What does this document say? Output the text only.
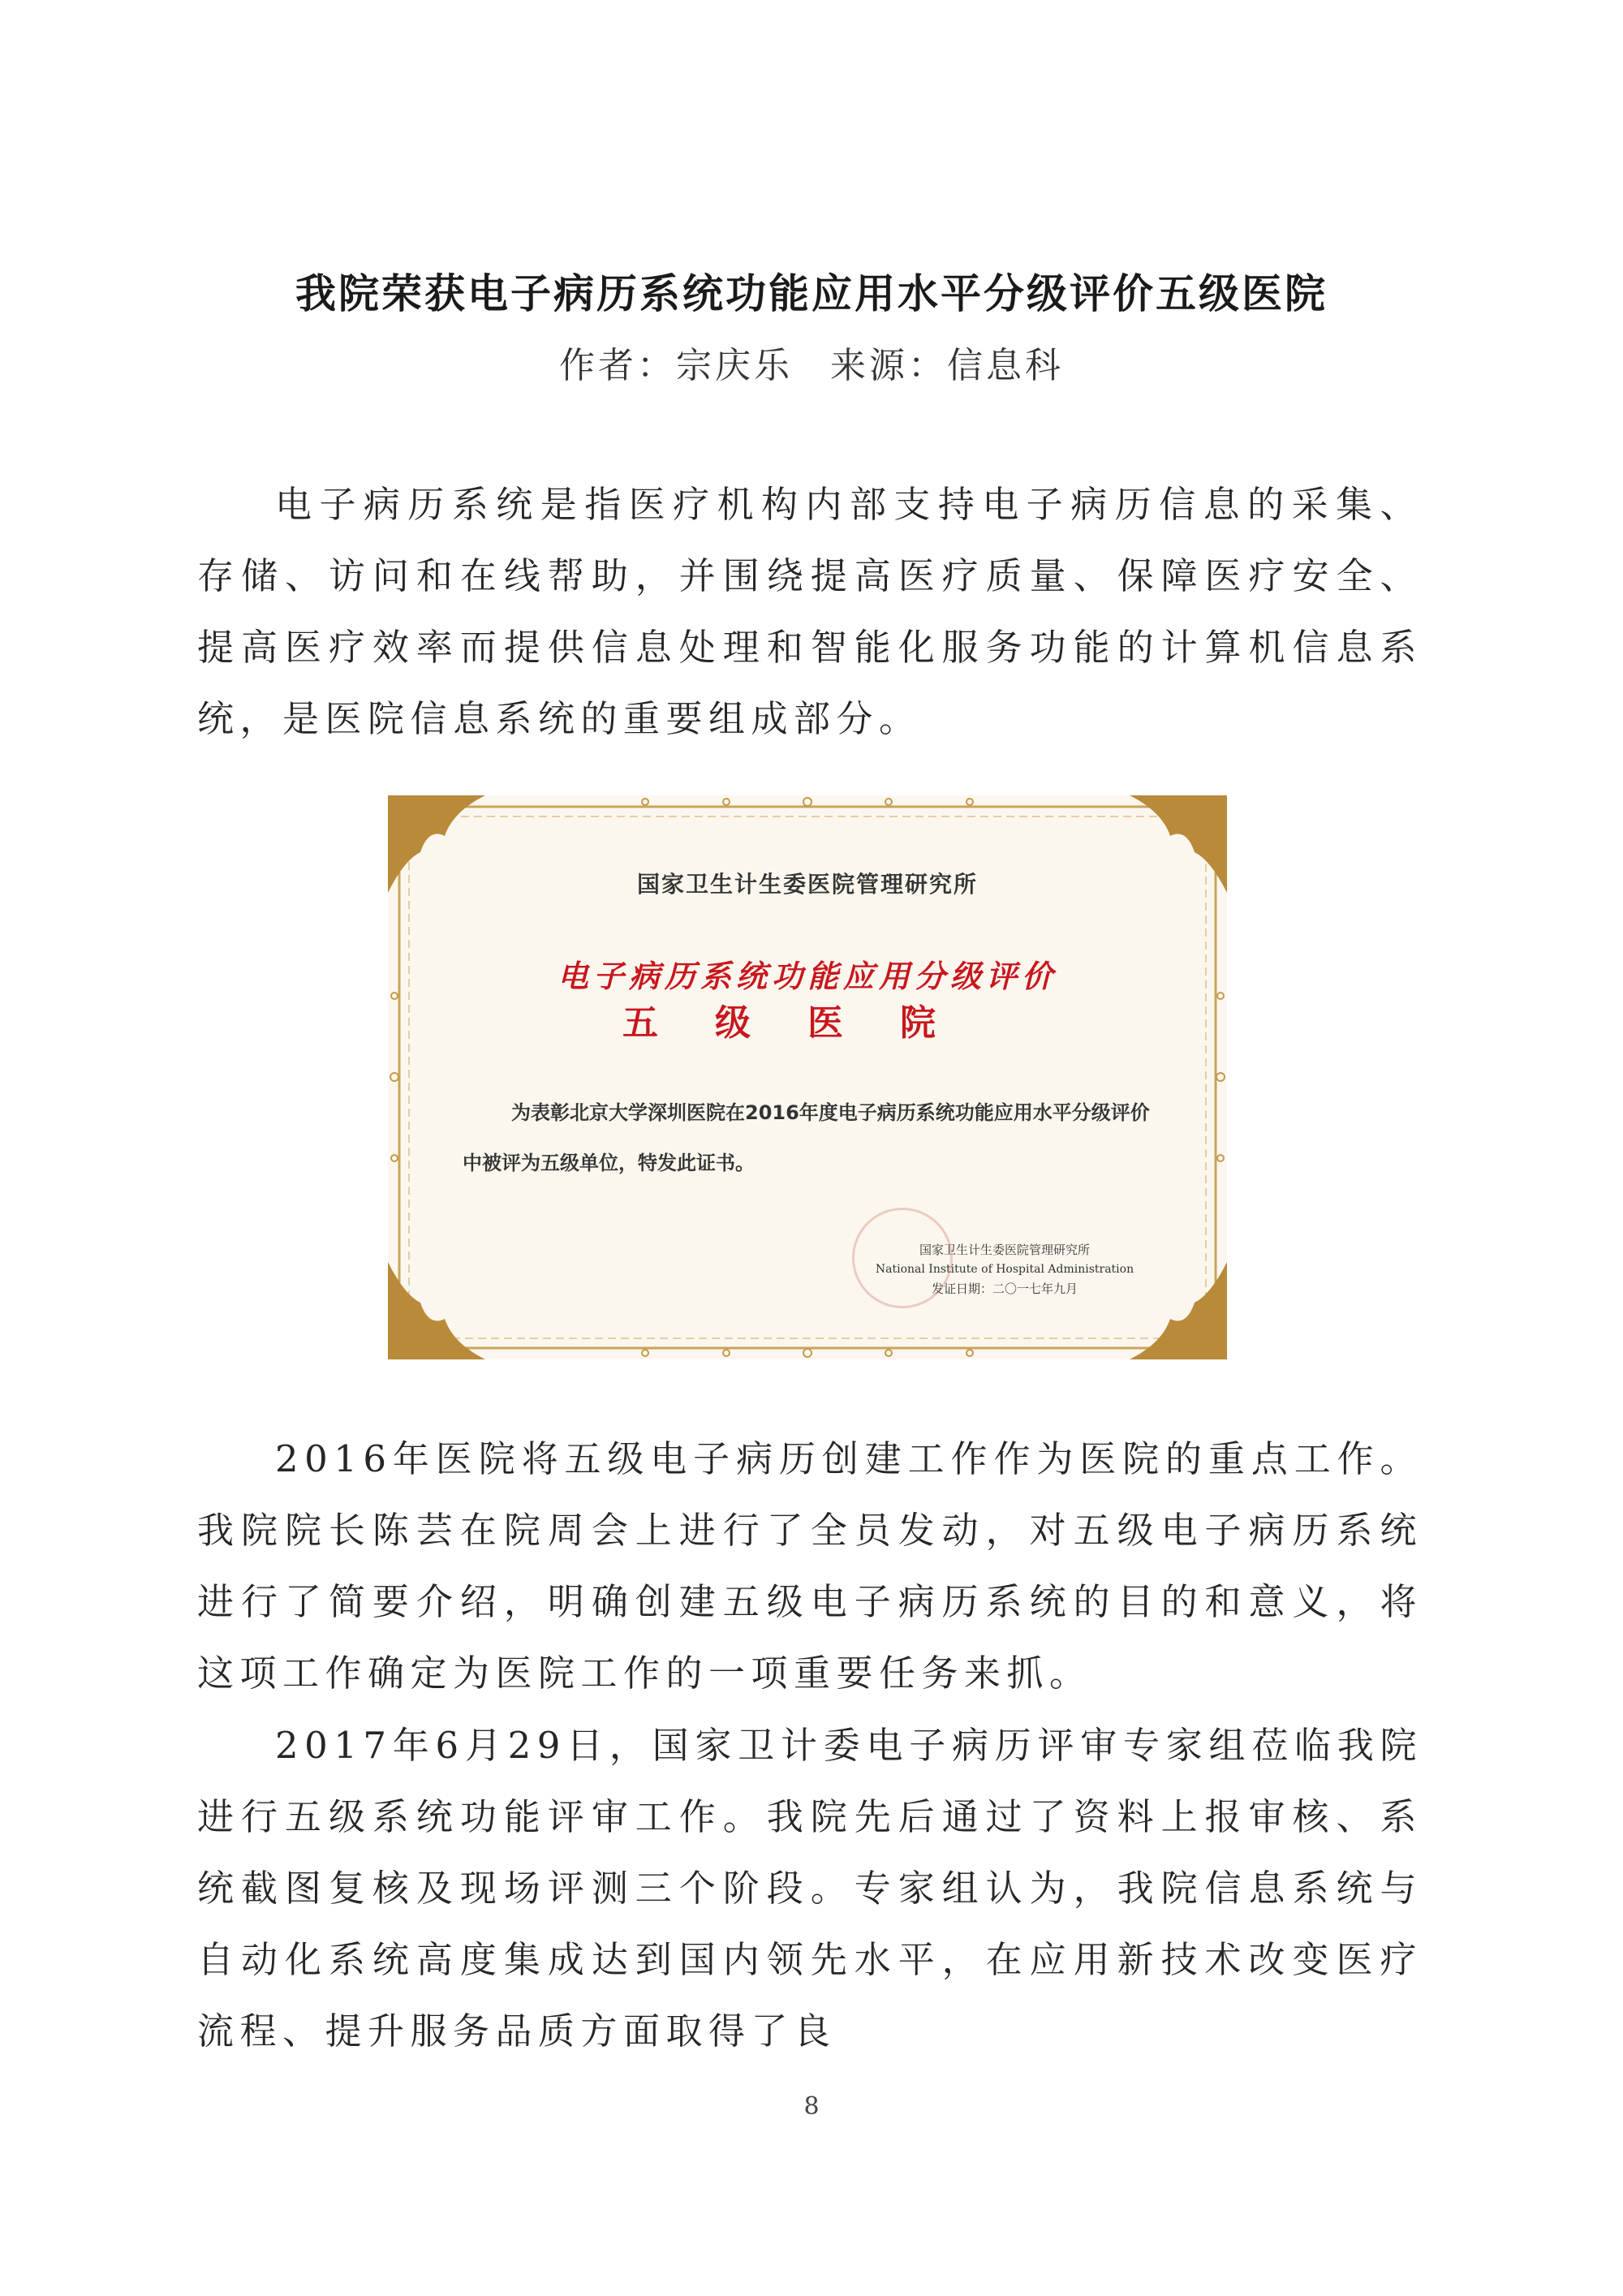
我院荣获电子病历系统功能应用水平分级评价五级医院
作者：宗庆乐 来源：信息科

电子病历系统是指医疗机构内部支持电子病历信息的采集、存储、访问和在线帮助，并围绕提高医疗质量、保障医疗安全、提高医疗效率而提供信息处理和智能化服务功能的计算机信息系统，是医院信息系统的重要组成部分。

国家卫生计生委医院管理研究所
电子病历系统功能应用分级评价
五级医院
为表彰北京大学深圳医院在2016年度电子病历系统功能应用水平分级评价中被评为五级单位，特发此证书。
国家卫生计生委医院管理研究所
National Institute of Hospital Administration
发证日期：二〇一七年九月

2016年医院将五级电子病历创建工作作为医院的重点工作。我院院长陈芸在院周会上进行了全员发动，对五级电子病历系统进行了简要介绍，明确创建五级电子病历系统的目的和意义，将这项工作确定为医院工作的一项重要任务来抓。

2017年6月29日，国家卫计委电子病历评审专家组莅临我院进行五级系统功能评审工作。我院先后通过了资料上报审核、系统截图复核及现场评测三个阶段。专家组认为，我院信息系统与自动化系统高度集成达到国内领先水平，在应用新技术改变医疗流程、提升服务品质方面取得了良

8
